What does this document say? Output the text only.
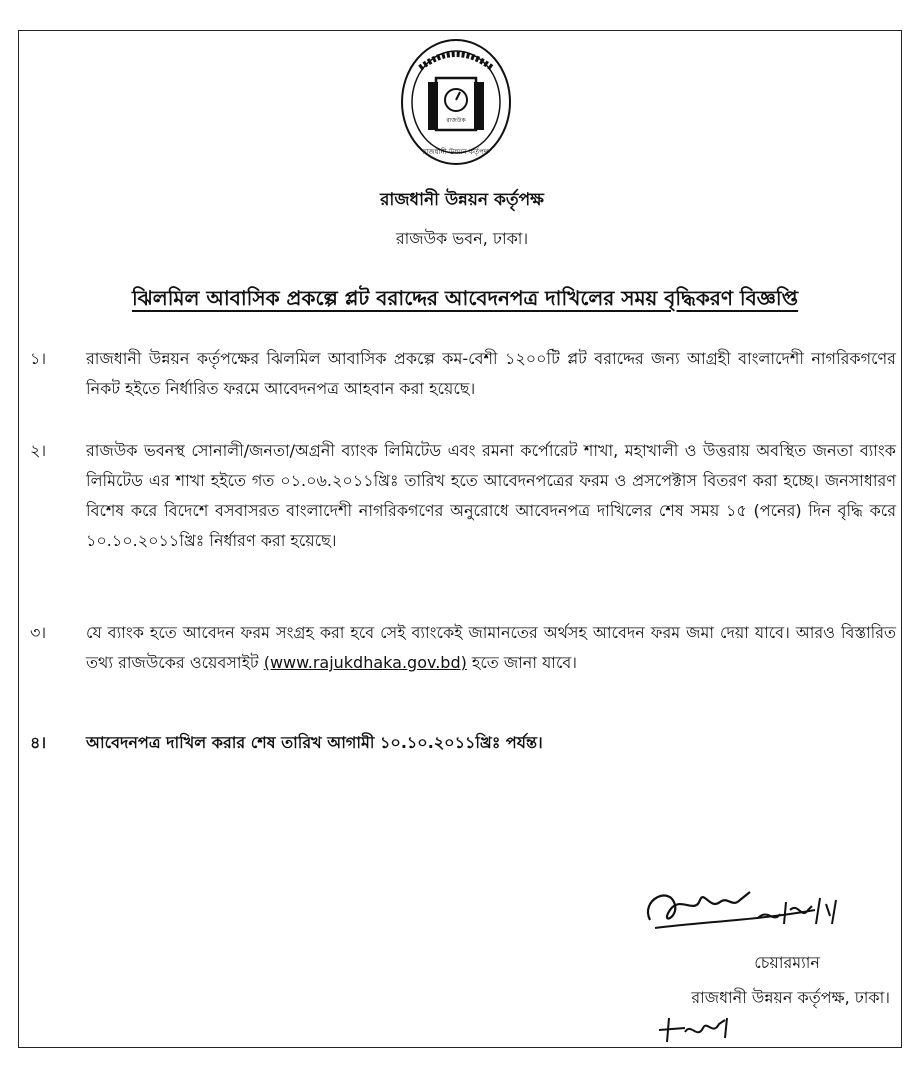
রাজউক
রাজধানী উন্নয়ন কর্তৃপক্ষ
রাজধানী উন্নয়ন কর্তৃপক্ষ
রাজউক ভবন, ঢাকা।
ঝিলমিল আবাসিক প্রকল্পে প্লট বরাদ্দের আবেদনপত্র দাখিলের সময় বৃদ্ধিকরণ বিজ্ঞপ্তি
১।	রাজধানী উন্নয়ন কর্তৃপক্ষের ঝিলমিল আবাসিক প্রকল্পে কম-বেশী ১২০০টি প্লট বরাদ্দের জন্য আগ্রহী বাংলাদেশী নাগরিকগণের নিকট হইতে নির্ধারিত ফরমে আবেদনপত্র আহবান করা হয়েছে।
২।	রাজউক ভবনস্থ সোনালী/জনতা/অগ্রনী ব্যাংক লিমিটেড এবং রমনা কর্পোরেট শাখা, মহাখালী ও উত্তরায় অবস্থিত জনতা ব্যাংক লিমিটেড এর শাখা হইতে গত ০১.০৬.২০১১খ্রিঃ তারিখ হতে আবেদনপত্রের ফরম ও প্রসপেক্টাস বিতরণ করা হচ্ছে। জনসাধারণ বিশেষ করে বিদেশে বসবাসরত বাংলাদেশী নাগরিকগণের অনুরোধে আবেদনপত্র দাখিলের শেষ সময় ১৫ (পনের) দিন বৃদ্ধি করে ১০.১০.২০১১খ্রিঃ নির্ধারণ করা হয়েছে।
৩।	যে ব্যাংক হতে আবেদন ফরম সংগ্রহ করা হবে সেই ব্যাংকেই জামানতের অর্থসহ আবেদন ফরম জমা দেয়া যাবে। আরও বিস্তারিত তথ্য রাজউকের ওয়েবসাইট (www.rajukdhaka.gov.bd) হতে জানা যাবে।
৪।	আবেদনপত্র দাখিল করার শেষ তারিখ আগামী ১০.১০.২০১১খ্রিঃ পর্যন্ত।
চেয়ারম্যান
রাজধানী উন্নয়ন কর্তৃপক্ষ, ঢাকা।
